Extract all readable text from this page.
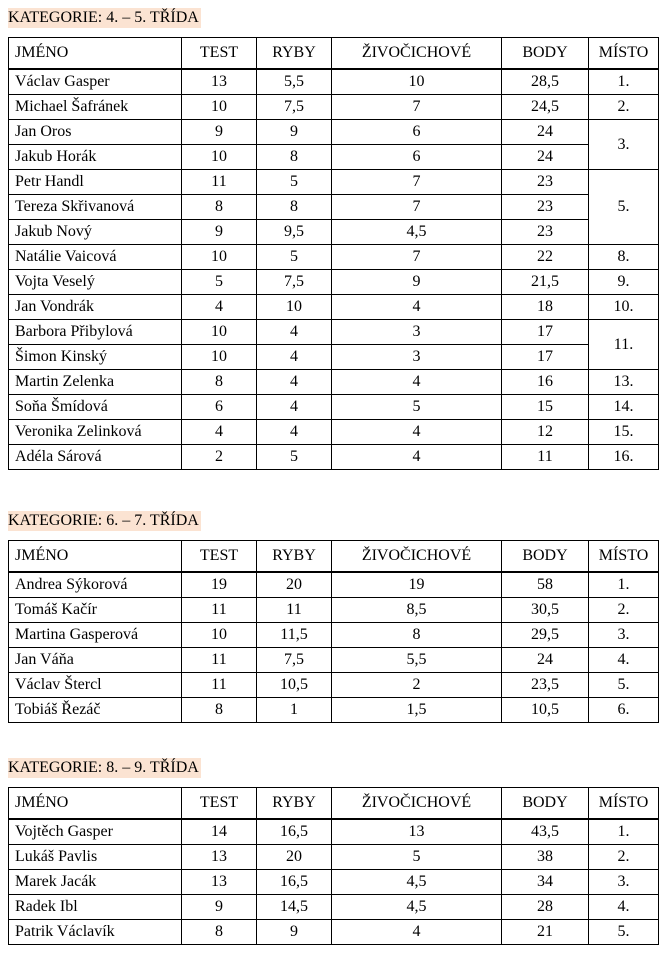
KATEGORIE: 4. – 5. TŘÍDA
JMÉNO	TEST	RYBY	ŽIVOČICHOVÉ	BODY	MÍSTO
Václav Gasper	13	5,5	10	28,5	1.
Michael Šafránek	10	7,5	7	24,5	2.
Jan Oros	9	9	6	24	3.
Jakub Horák	10	8	6	24	
Petr Handl	11	5	7	23	5.
Tereza Skřivanová	8	8	7	23	
Jakub Nový	9	9,5	4,5	23	
Natálie Vaicová	10	5	7	22	8.
Vojta Veselý	5	7,5	9	21,5	9.
Jan Vondrák	4	10	4	18	10.
Barbora Přibylová	10	4	3	17	11.
Šimon Kinský	10	4	3	17	
Martin Zelenka	8	4	4	16	13.
Soňa Šmídová	6	4	5	15	14.
Veronika Zelinková	4	4	4	12	15.
Adéla Sárová	2	5	4	11	16.
KATEGORIE: 6. – 7. TŘÍDA
JMÉNO	TEST	RYBY	ŽIVOČICHOVÉ	BODY	MÍSTO
Andrea Sýkorová	19	20	19	58	1.
Tomáš Kačír	11	11	8,5	30,5	2.
Martina Gasperová	10	11,5	8	29,5	3.
Jan Váňa	11	7,5	5,5	24	4.
Václav Štercl	11	10,5	2	23,5	5.
Tobiáš Řezáč	8	1	1,5	10,5	6.
KATEGORIE: 8. – 9. TŘÍDA
JMÉNO	TEST	RYBY	ŽIVOČICHOVÉ	BODY	MÍSTO
Vojtěch Gasper	14	16,5	13	43,5	1.
Lukáš Pavlis	13	20	5	38	2.
Marek Jacák	13	16,5	4,5	34	3.
Radek Ibl	9	14,5	4,5	28	4.
Patrik Václavík	8	9	4	21	5.
